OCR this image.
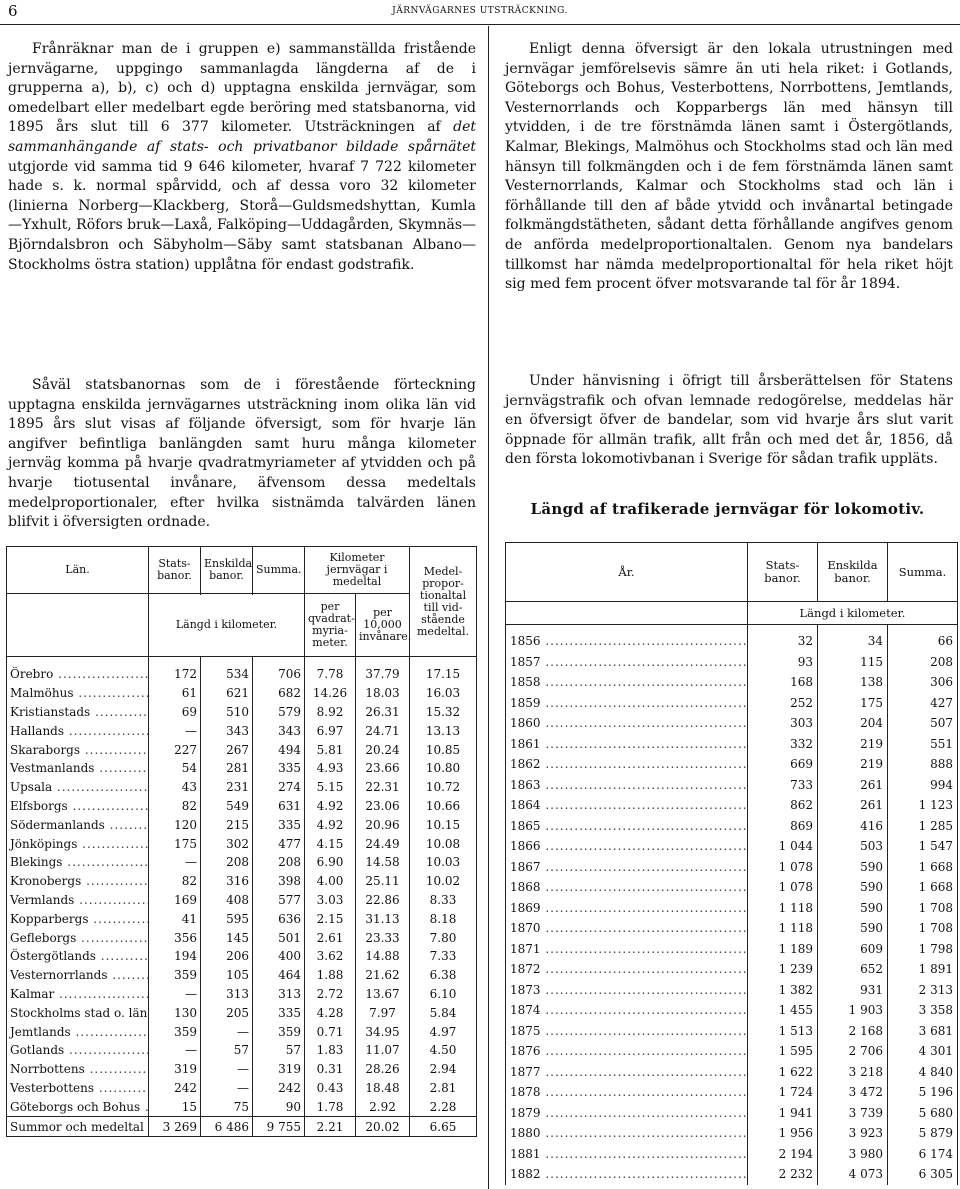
6	JÄRNVÄGARNES UTSTRÄCKNING.

Frånräknar man de i gruppen e) sammanställda fristående jernvägarne, uppgingo sammanlagda längderna af de i grupperna a), b), c) och d) upptagna enskilda jernvägar, som omedelbart eller medelbart egde beröring med statsbanorna, vid 1895 års slut till 6 377 kilometer. Utsträckningen af det sammanhängande af stats- och privatbanor bildade spårnätet utgjorde vid samma tid 9 646 kilometer, hvaraf 7 722 kilometer hade s. k. normal spårvidd, och af dessa voro 32 kilometer (linierna Norberg—Klackberg, Storå—Guldsmedshyttan, Kumla —Yxhult, Röfors bruk—Laxå, Falköping—Uddagården, Skymnäs—Björndalsbron och Säbyholm—Säby samt statsbanan Albano—Stockholms östra station) upplåtna för endast godstrafik.

Såväl statsbanornas som de i förestående förteckning upptagna enskilda jernvägarnes utsträckning inom olika län vid 1895 års slut visas af följande öfversigt, som för hvarje län angifver befintliga banlängden samt huru många kilometer jernväg komma på hvarje qvadratmyriameter af ytvidden och på hvarje tiotusental invånare, äfvensom dessa medeltals medelproportionaler, efter hvilka sistnämda talvärden länen blifvit i öfversigten ordnade.

Enligt denna öfversigt är den lokala utrustningen med jernvägar jemförelsevis sämre än uti hela riket: i Gotlands, Göteborgs och Bohus, Vesterbottens, Norrbottens, Jemtlands, Vesternorrlands och Kopparbergs län med hänsyn till ytvidden, i de tre förstnämda länen samt i Östergötlands, Kalmar, Blekings, Malmöhus och Stockholms stad och län med hänsyn till folkmängden och i de fem förstnämda länen samt Vesternorrlands, Kalmar och Stockholms stad och län i förhållande till den af både ytvidd och invånartal betingade folkmängdstätheten, sådant detta förhållande angifves genom de anförda medelproportionaltalen. Genom nya bandelars tillkomst har nämda medelproportionaltal för hela riket höjt sig med fem procent öfver motsvarande tal för år 1894.

Under hänvisning i öfrigt till årsberättelsen för Statens jernvägstrafik och ofvan lemnade redogörelse, meddelas här en öfversigt öfver de bandelar, som vid hvarje års slut varit öppnade för allmän trafik, allt från och med det år, 1856, då den första lokomotivbanan i Sverige för sådan trafik uppläts.

Längd af trafikerade jernvägar för lokomotiv.
Län.	Stats-banor.	Enskilda banor.	Summa.	Kilometer jernvägar i medeltal		Medel-propor-tionaltal till vid-stående medeltal.
				per qvadrat-myria-meter.	per 10,000 invånare.	
	Längd i kilometer.					
Örebro .....	172	534	706	7.78	37.79	17.15
Malmöhus .....	61	621	682	14.26	18.03	16.03
Kristianstads .....	69	510	579	8.92	26.31	15.32
Hallands .....	—	343	343	6.97	24.71	13.13
Skaraborgs .....	227	267	494	5.81	20.24	10.85
Vestmanlands .....	54	281	335	4.93	23.66	10.80
Upsala .....	43	231	274	5.15	22.31	10.72
Elfsborgs .....	82	549	631	4.92	23.06	10.66
Södermanlands .....	120	215	335	4.92	20.96	10.15
Jönköpings .....	175	302	477	4.15	24.49	10.08
Blekings .....	—	208	208	6.90	14.58	10.03
Kronobergs .....	82	316	398	4.00	25.11	10.02
Vermlands .....	169	408	577	3.03	22.86	8.33
Kopparbergs .....	41	595	636	2.15	31.13	8.18
Gefleborgs .....	356	145	501	2.61	23.33	7.80
Östergötlands .....	194	206	400	3.62	14.88	7.33
Vesternorrlands .....	359	105	464	1.88	21.62	6.38
Kalmar .....	—	313	313	2.72	13.67	6.10
Stockholms stad o. län .....	130	205	335	4.28	7.97	5.84
Jemtlands .....	359	—	359	0.71	34.95	4.97
Gotlands .....	—	57	57	1.83	11.07	4.50
Norrbottens .....	319	—	319	0.31	28.26	2.94
Vesterbottens .....	242	—	242	0.43	18.48	2.81
Göteborgs och Bohus .....	15	75	90	1.78	2.92	2.28
Summor och medeltal	3 269	6 486	9 755	2.21	20.02	6.65
År.	Stats-banor.	Enskilda banor.	Summa.
	Längd i kilometer.		
1856 .....	32	34	66
1857 .....	93	115	208
1858 .....	168	138	306
1859 .....	252	175	427
1860 .....	303	204	507
1861 .....	332	219	551
1862 .....	669	219	888
1863 .....	733	261	994
1864 .....	862	261	1 123
1865 .....	869	416	1 285
1866 .....	1 044	503	1 547
1867 .....	1 078	590	1 668
1868 .....	1 078	590	1 668
1869 .....	1 118	590	1 708
1870 .....	1 118	590	1 708
1871 .....	1 189	609	1 798
1872 .....	1 239	652	1 891
1873 .....	1 382	931	2 313
1874 .....	1 455	1 903	3 358
1875 .....	1 513	2 168	3 681
1876 .....	1 595	2 706	4 301
1877 .....	1 622	3 218	4 840
1878 .....	1 724	3 472	5 196
1879 .....	1 941	3 739	5 680
1880 .....	1 956	3 923	5 879
1881 .....	2 194	3 980	6 174
1882 .....	2 232	4 073	6 305
